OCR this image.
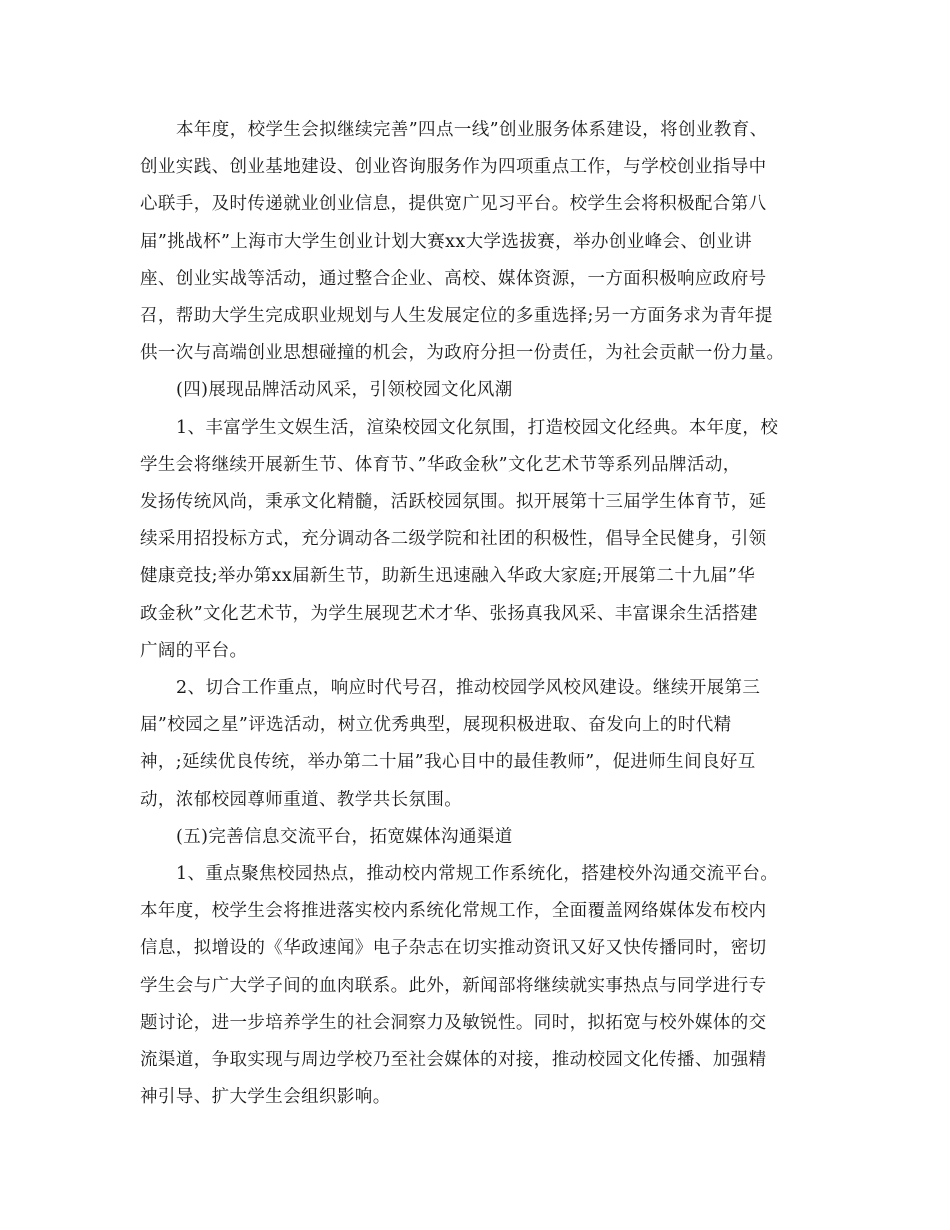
本年度，校学生会拟继续完善”四点一线”创业服务体系建设，将创业教育、
创业实践、创业基地建设、创业咨询服务作为四项重点工作，与学校创业指导中
心联手，及时传递就业创业信息，提供宽广见习平台。校学生会将积极配合第八
届”挑战杯”上海市大学生创业计划大赛xx大学选拔赛，举办创业峰会、创业讲
座、创业实战等活动，通过整合企业、高校、媒体资源，一方面积极响应政府号
召，帮助大学生完成职业规划与人生发展定位的多重选择;另一方面务求为青年提
供一次与高端创业思想碰撞的机会，为政府分担一份责任，为社会贡献一份力量。

(四)展现品牌活动风采，引领校园文化风潮

1、丰富学生文娱生活，渲染校园文化氛围，打造校园文化经典。本年度，校
学生会将继续开展新生节、体育节、”华政金秋”文化艺术节等系列品牌活动，
发扬传统风尚，秉承文化精髓，活跃校园氛围。拟开展第十三届学生体育节，延
续采用招投标方式，充分调动各二级学院和社团的积极性，倡导全民健身，引领
健康竞技;举办第xx届新生节，助新生迅速融入华政大家庭;开展第二十九届”华
政金秋”文化艺术节，为学生展现艺术才华、张扬真我风采、丰富课余生活搭建
广阔的平台。

2、切合工作重点，响应时代号召，推动校园学风校风建设。继续开展第三
届”校园之星”评选活动，树立优秀典型，展现积极进取、奋发向上的时代精
神，;延续优良传统，举办第二十届”我心目中的最佳教师”，促进师生间良好互
动，浓郁校园尊师重道、教学共长氛围。

(五)完善信息交流平台，拓宽媒体沟通渠道

1、重点聚焦校园热点，推动校内常规工作系统化，搭建校外沟通交流平台。
本年度，校学生会将推进落实校内系统化常规工作，全面覆盖网络媒体发布校内
信息，拟增设的《华政速闻》电子杂志在切实推动资讯又好又快传播同时，密切
学生会与广大学子间的血肉联系。此外，新闻部将继续就实事热点与同学进行专
题讨论，进一步培养学生的社会洞察力及敏锐性。同时，拟拓宽与校外媒体的交
流渠道，争取实现与周边学校乃至社会媒体的对接，推动校园文化传播、加强精
神引导、扩大学生会组织影响。
